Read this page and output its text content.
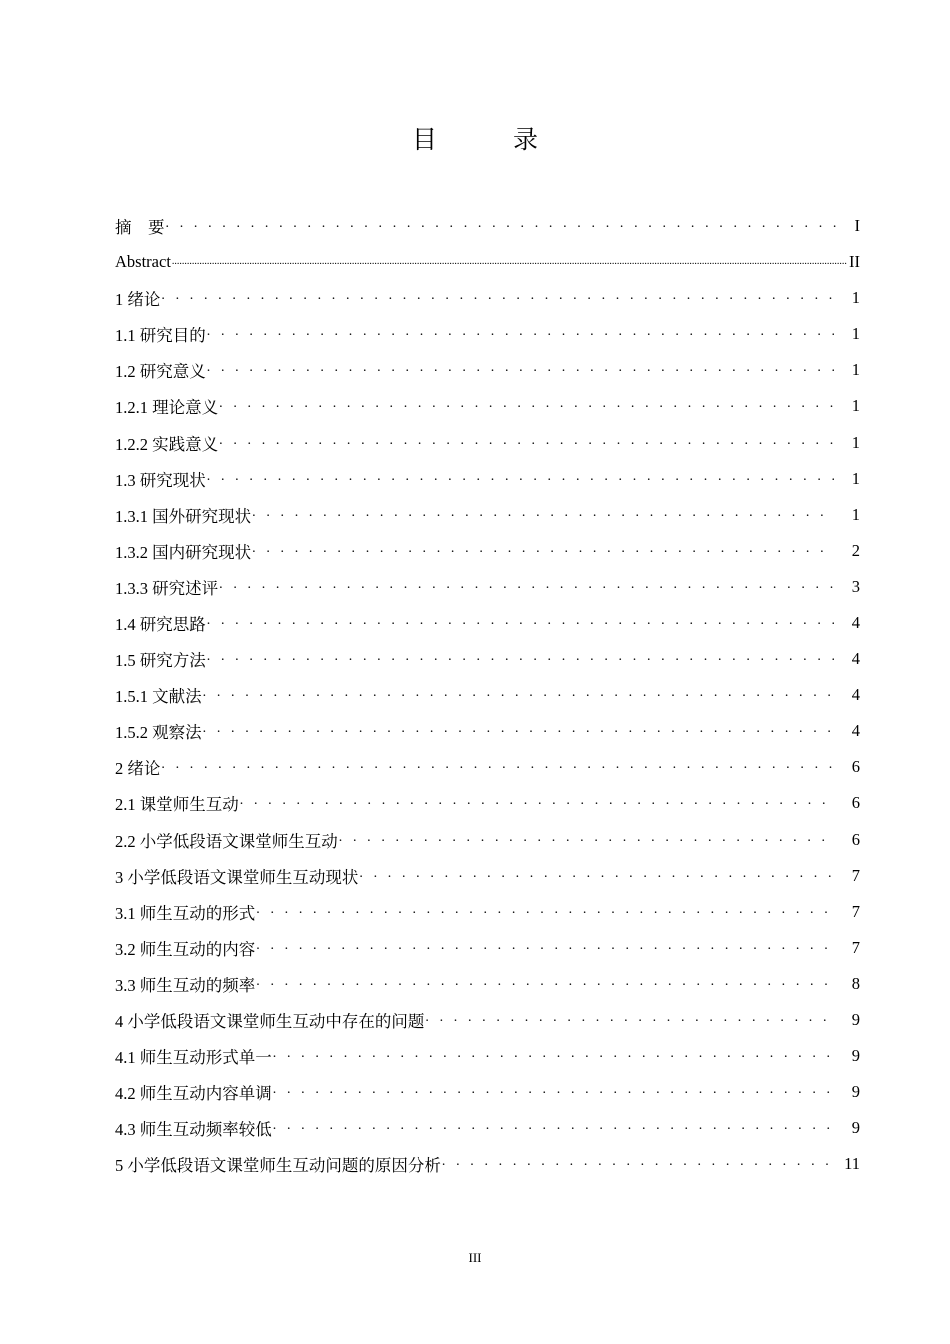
目  录
摘    要 . . .	I
Abstract .....	II
1 绪论 . . .	1
1.1 研究目的 . . .	1
1.2 研究意义 . . .	1
1.2.1 理论意义 . . .	1
1.2.2 实践意义 . . .	1
1.3 研究现状 . . .	1
1.3.1 国外研究现状 . . .	1
1.3.2 国内研究现状 . . .	2
1.3.3 研究述评 . . .	3
1.4 研究思路 . . .	4
1.5 研究方法 . . .	4
1.5.1 文献法 . . .	4
1.5.2 观察法 . . .	4
2 绪论 . . .	6
2.1 课堂师生互动 . . .	6
2.2 小学低段语文课堂师生互动 . . .	6
3 小学低段语文课堂师生互动现状 . . .	7
3.1 师生互动的形式 . . .	7
3.2 师生互动的内容 . . .	7
3.3 师生互动的频率 . . .	8
4 小学低段语文课堂师生互动中存在的问题 . . .	9
4.1 师生互动形式单一 . . .	9
4.2 师生互动内容单调 . . .	9
4.3 师生互动频率较低 . . .	9
5 小学低段语文课堂师生互动问题的原因分析 . . .	11
III
